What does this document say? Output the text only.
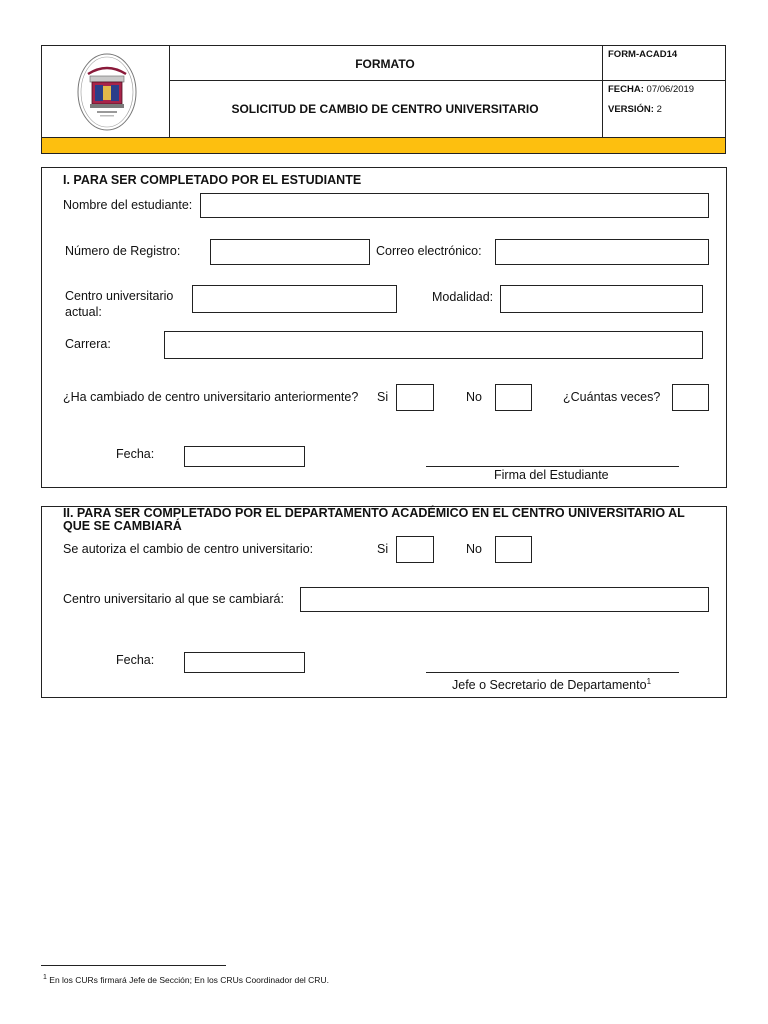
FORMATO
SOLICITUD DE CAMBIO DE CENTRO UNIVERSITARIO
FORM-ACAD14
FECHA: 07/06/2019
VERSIÓN: 2
I. PARA SER COMPLETADO POR EL ESTUDIANTE
Nombre del estudiante:
Número de Registro:	Correo electrónico:
Centro universitario
actual:
Modalidad:
Carrera:
¿Ha cambiado de centro universitario anteriormente? Si	No	¿Cuántas veces?
Fecha:
Firma del Estudiante
II. PARA SER COMPLETADO POR EL DEPARTAMENTO ACADÉMICO EN EL CENTRO UNIVERSITARIO AL
QUE SE CAMBIARÁ
Se autoriza el cambio de centro universitario:	Si	No
Centro universitario al que se cambiará:
Fecha:
Jefe o Secretario de Departamento$^1$
$^1$ En los CURs firmará Jefe de Sección; En los CRUs Coordinador del CRU.
